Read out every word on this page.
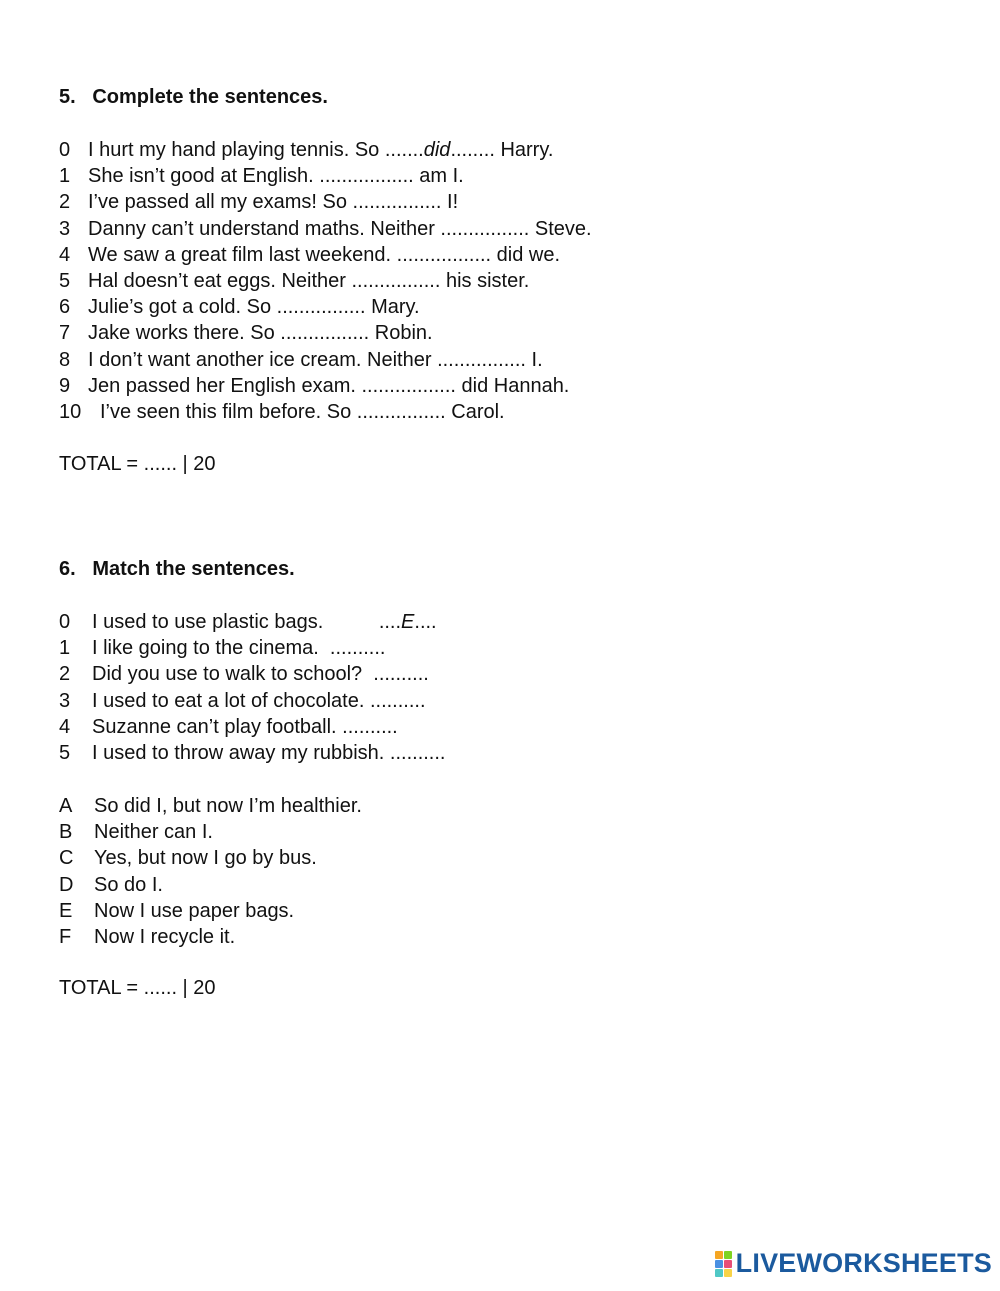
5.   Complete the sentences.
0 I hurt my hand playing tennis. So .......did........ Harry.
1 She isn’t good at English. ................. am I.
2 I’ve passed all my exams! So ................ I!
3 Danny can’t understand maths. Neither ................ Steve.
4 We saw a great film last weekend. ................. did we.
5 Hal doesn’t eat eggs. Neither ................ his sister.
6 Julie’s got a cold. So ................ Mary.
7 Jake works there. So ................ Robin.
8 I don’t want another ice cream. Neither ................ I.
9 Jen passed her English exam. ................. did Hannah.
10 I’ve seen this film before. So ................ Carol.
TOTAL = ...... | 20
6.   Match the sentences.
0	I used to use plastic bags.          ....E....
1	I like going to the cinema.  ..........
2	Did you use to walk to school?  ..........
3	I used to eat a lot of chocolate. ..........
4	Suzanne can’t play football. ..........
5	I used to throw away my rubbish. ..........
A	So did I, but now I’m healthier.
B	Neither can I.
C	Yes, but now I go by bus.
D	So do I.
E	Now I use paper bags.
F	Now I recycle it.
TOTAL = ...... | 20
LIVEWORKSHEETS
